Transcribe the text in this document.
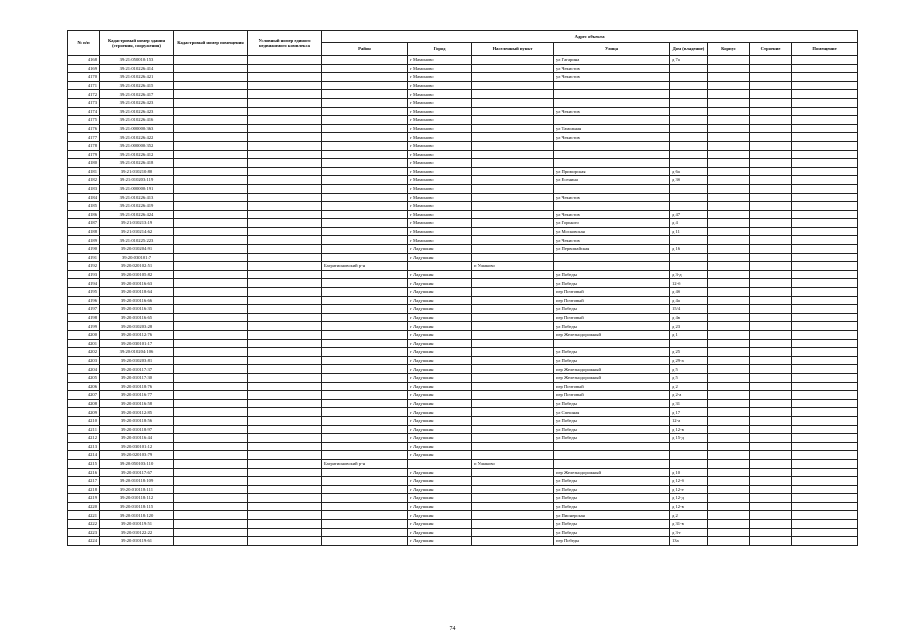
№ п/п	Кадастровый номер здания (строения, сооружения)	Кадастровый номер помещения	Условный номер единого недвижимого комплекса	Адрес объекта							
				Район	Город	Населенный пункт	Улица	Дом (владение)	Корпус	Строение	Помещение
4168	39:21:050010:153				г Мамоново		ул Гагарина	д 7а			
4169	39:21:010226:414				г Мамоново		ул Чекистов				
4170	39:21:010226:421				г Мамоново		ул Чекистов				
4171	39:21:010226:415				г Мамоново						
4172	39:21:010226:417				г Мамоново						
4173	39:21:010226:423				г Мамоново						
4174	39:21:010226:423				г Мамоново		ул Чекистов				
4175	39:21:010226:416				г Мамоново						
4176	39:21:000000:363				г Мамоново		ул Таможная				
4177	39:21:010226:422				г Мамоново		ул Чекистов				
4178	39:21:000000:352				г Мамоново						
4179	39:21:010226:412				г Мамоново						
4180	39:21:010226:418				г Мамоново						
4181	39:21:010210:80				г Мамоново		ул Приморская	д 6а			
4182	39:21:010203:119				г Мамоново		ул Есенина	д 3б			
4183	39:21:000000:191				г Мамоново						
4184	39:21:010226:413				г Мамоново		ул Чекистов				
4185	39:21:010226:419				г Мамоново						
4186	39:21:010226:424				г Мамоново		ул Чекистов	д 47			
4187	39:21:010213:19				г Мамоново		ул Горького	д 4			
4188	39:21:010214:62				г Мамоново		ул Московская	д 11			
4189	39:21:010225:223				г Мамоново		ул Чекистов				
4190	39:20:010204:91				г Ладушкин		ул Первомайская	д 16			
4191	39:20:030101:7				г Ладушкин						
4192	39:20:020102:51			Багратионовский р-н		п Ушаково					
4193	39:20:010105:82				г Ладушкин		ул Победы	д 3-д			
4194	39:20:010116:63				г Ладушкин		ул Победы	12-б			
4195	39:20:010118:64				г Ладушкин		пер Почтовый	д 4б			
4196	39:20:010116:66				г Ладушкин		пер Почтовый	д 4а			
4197	39:20:010116:35				г Ладушкин		ул Победы	15/4			
4198	39:20:010116:65				г Ладушкин		пер Почтовый	д 4в			
4199	39:20:010203:28				г Ладушкин		ул Победы	д 23			
4200	39:20:010112:76				г Ладушкин		пер Железнодорожный	д 1			
4201	39:20:030101:17				г Ладушкин						
4202	39:20:010204:106				г Ладушкин		ул Победы	д 25			
4203	39:20:010203:81				г Ладушкин		ул Победы	д 29-а			
4204	39:20:010117:37				г Ладушкин		пер Железнодорожный	д 5			
4205	39:20:010117:30				г Ладушкин		пер Железнодорожный	д 5			
4206	39:20:010118:76				г Ладушкин		пер Почтовый	д 2			
4207	39:20:010116:77				г Ладушкин		пер Почтовый	д 2-а			
4208	39:20:010116:58				г Ладушкин		ул Победы	д 31			
4209	39:20:010112:85				г Ладушкин		ул Спешная	д 17			
4210	39:20:010118:56				г Ладушкин		ул Победы	12-а			
4211	39:20:010118:97				г Ладушкин		ул Победы	д 12-в			
4212	39:20:010116:44				г Ладушкин		ул Победы	д 15-д			
4213	39:20:030101:12				г Ладушкин						
4214	39:20:020103:79				г Ладушкин						
4215	39:20:050103:110			Багратионовский р-н		п Ушаково					
4216	39:20:010117:67				г Ладушкин		пер Железнодорожный	д 10			
4217	39:20:010118:109				г Ладушкин		ул Победы	д 12-б			
4218	39:20:010118:111				г Ладушкин		ул Победы	д 12-е			
4219	39:20:010118:112				г Ладушкин		ул Победы	д 12-д			
4220	39:20:010118:115				г Ладушкин		ул Победы	д 12-в			
4221	39:20:010118:120				г Ладушкин		ул Пионерская	д 2			
4222	39:20:010119:51				г Ладушкин		ул Победы	д 31-в			
4223	39:20:010122:22				г Ладушкин		ул Победы	д 3-г			
4224	39:20:010119:61				г Ладушкин		пер Победы	13а			
74
